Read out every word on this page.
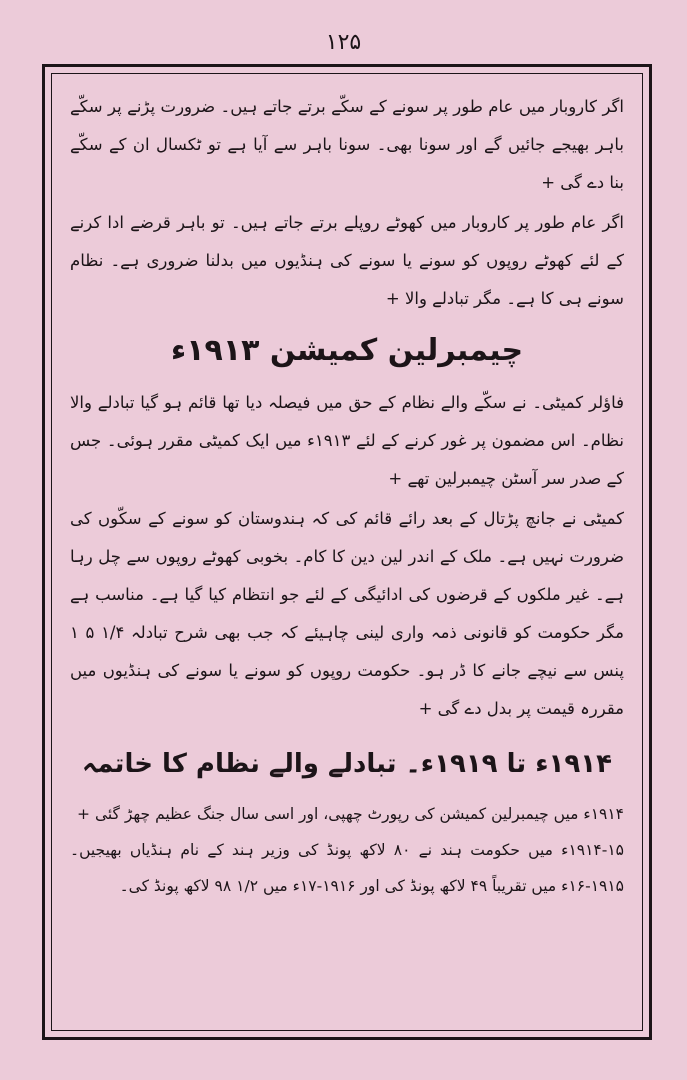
۱۲۵

اگر کاروبار میں عام طور پر سونے کے سکّے برتے جاتے ہیں۔ ضرورت پڑنے پر سکّے باہر بھیجے جائیں گے اور سونا بھی۔ سونا باہر سے آیا ہے تو ٹکسال ان کے سکّے بنا دے گی +

اگر عام طور پر کاروبار میں کھوٹے روپلے برتے جاتے ہیں۔ تو باہر قرضے ادا کرنے کے لئے کھوٹے روپوں کو سونے یا سونے کی ہنڈیوں میں بدلنا ضروری ہے۔ نظام سونے ہی کا ہے۔ مگر تبادلے والا +

چیمبرلین کمیشن ۱۹۱۳ء

فاؤلر کمیٹی۔ نے سکّے والے نظام کے حق میں فیصلہ دیا تھا قائم ہو گیا تبادلے والا نظام۔ اس مضمون پر غور کرنے کے لئے ۱۹۱۳ء میں ایک کمیٹی مقرر ہوئی۔ جس کے صدر سر آسٹن چیمبرلین تھے +

کمیٹی نے جانچ پڑتال کے بعد رائے قائم کی کہ ہندوستان کو سونے کے سکّوں کی ضرورت نہیں ہے۔ ملک کے اندر لین دین کا کام۔ بخوبی کھوٹے روپوں سے چل رہا ہے۔ غیر ملکوں کے قرضوں کی ادائیگی کے لئے جو انتظام کیا گیا ہے۔ مناسب ہے مگر حکومت کو قانونی ذمہ واری لینی چاہیئے کہ جب بھی شرح تبادلہ ۱/۴ ۵ ۱ پنس سے نیچے جانے کا ڈر ہو۔ حکومت روپوں کو سونے یا سونے کی ہنڈیوں میں مقررہ قیمت پر بدل دے گی +

۱۹۱۴ء تا ۱۹۱۹ء۔ تبادلے والے نظام کا خاتمہ

۱۹۱۴ء میں چیمبرلین کمیشن کی رپورٹ چھپی، اور اسی سال جنگ عظیم چھڑ گئی +

۱۹۱۴-۱۵ء میں حکومت ہند نے ۸۰ لاکھ پونڈ کی وزیر ہند کے نام ہنڈیاں بھیجیں۔ ۱۹۱۵-۱۶ء میں تقریباً ۴۹ لاکھ پونڈ کی اور ۱۹۱۶-۱۷ء میں ۱/۲ ۹۸ لاکھ پونڈ کی۔
